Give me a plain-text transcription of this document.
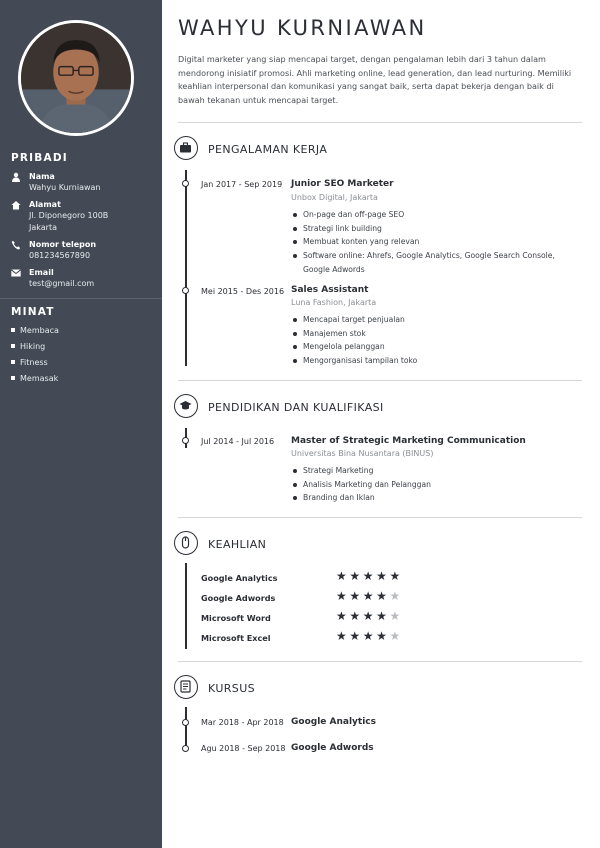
PRIBADI
Nama
Wahyu Kurniawan
Alamat
Jl. Diponegoro 100B Jakarta
Nomor telepon
081234567890
Email
test@gmail.com
MINAT
Membaca
Hiking
Fitness
Memasak
WAHYU KURNIAWAN
Digital marketer yang siap mencapai target, dengan pengalaman lebih dari 3 tahun dalam mendorong inisiatif promosi. Ahli marketing online, lead generation, dan lead nurturing. Memiliki keahlian interpersonal dan komunikasi yang sangat baik, serta dapat bekerja dengan baik di bawah tekanan untuk mencapai target.
PENGALAMAN KERJA
Jan 2017 - Sep 2019 Junior SEO Marketer
Unbox Digital, Jakarta
On-page dan off-page SEO
Strategi link building
Membuat konten yang relevan
Software online: Ahrefs, Google Analytics, Google Search Console, Google Adwords
Mei 2015 - Des 2016 Sales Assistant
Luna Fashion, Jakarta
Mencapai target penjualan
Manajemen stok
Mengelola pelanggan
Mengorganisasi tampilan toko
PENDIDIKAN DAN KUALIFIKASI
Jul 2014 - Jul 2016 Master of Strategic Marketing Communication
Universitas Bina Nusantara (BINUS)
Strategi Marketing
Analisis Marketing dan Pelanggan
Branding dan Iklan
KEAHLIAN
Google Analytics	★★★★★
Google Adwords	★★★★★
Microsoft Word	★★★★★
Microsoft Excel	★★★★★
KURSUS
Mar 2018 - Apr 2018 Google Analytics
Agu 2018 - Sep 2018 Google Adwords
